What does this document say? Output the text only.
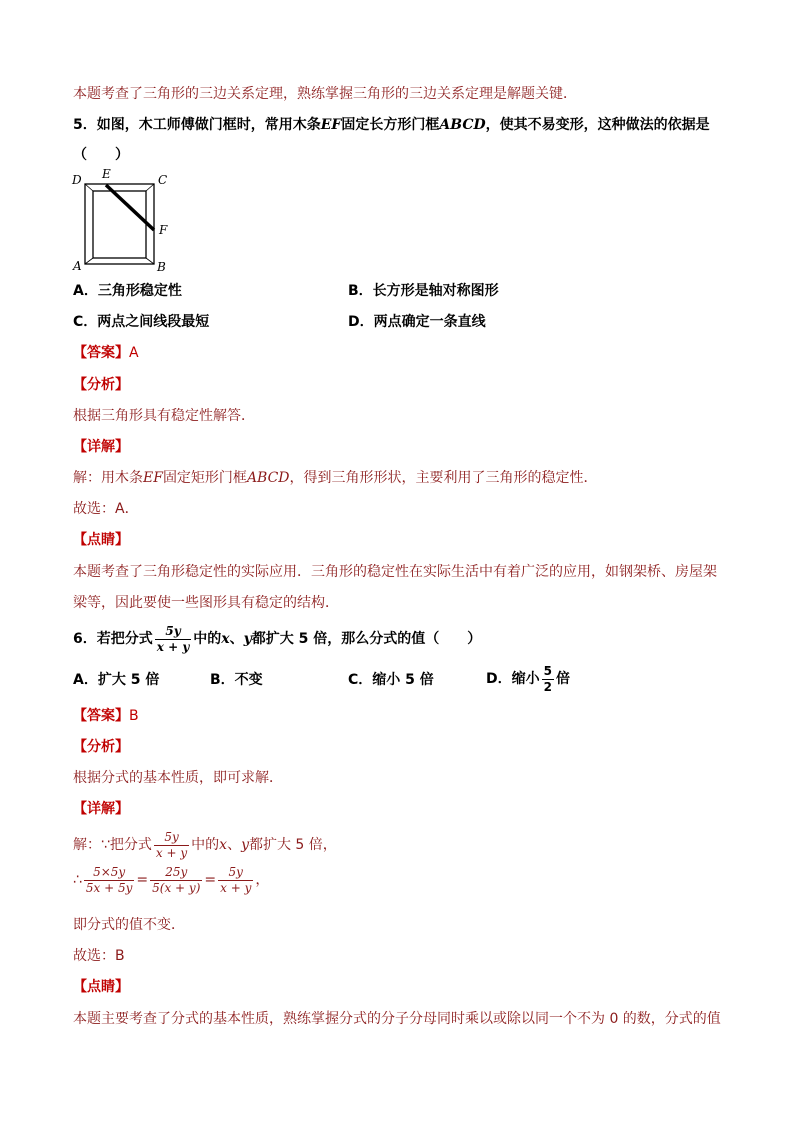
本题考查了三角形的三边关系定理，熟练掌握三角形的三边关系定理是解题关键．
5．如图，木工师傅做门框时，常用木条EF固定长方形门框ABCD，使其不易变形，这种做法的依据是
（　　）
D E	C
F
A	B
A．三角形稳定性	B．长方形是轴对称图形
C．两点之间线段最短	D．两点确定一条直线
【答案】A
【分析】
根据三角形具有稳定性解答．
【详解】
解：用木条EF固定矩形门框ABCD，得到三角形形状，主要利用了三角形的稳定性．
故选：A．
【点睛】
本题考查了三角形稳定性的实际应用．三角形的稳定性在实际生活中有着广泛的应用，如钢架桥、房屋架
梁等，因此要使一些图形具有稳定的结构．
6．若把分式 $\frac{5y}{x + y}$ 中的x、y都扩大 5 倍，那么分式的值（　　）
A．扩大 5 倍	B．不变	C．缩小 5 倍	D．缩小 $\frac{5}{2}$ 倍
【答案】B
【分析】
根据分式的基本性质，即可求解．
【详解】
解：∵把分式 $\frac{5y}{x + y}$ 中的x、y都扩大 5 倍，
∴ $\frac{5\times 5y}{5x + 5y} = \frac{25y}{5(x + y)} = \frac{5y}{x + y}$ ，
即分式的值不变．
故选：B
【点睛】
本题主要考查了分式的基本性质，熟练掌握分式的分子分母同时乘以或除以同一个不为 0 的数，分式的值
